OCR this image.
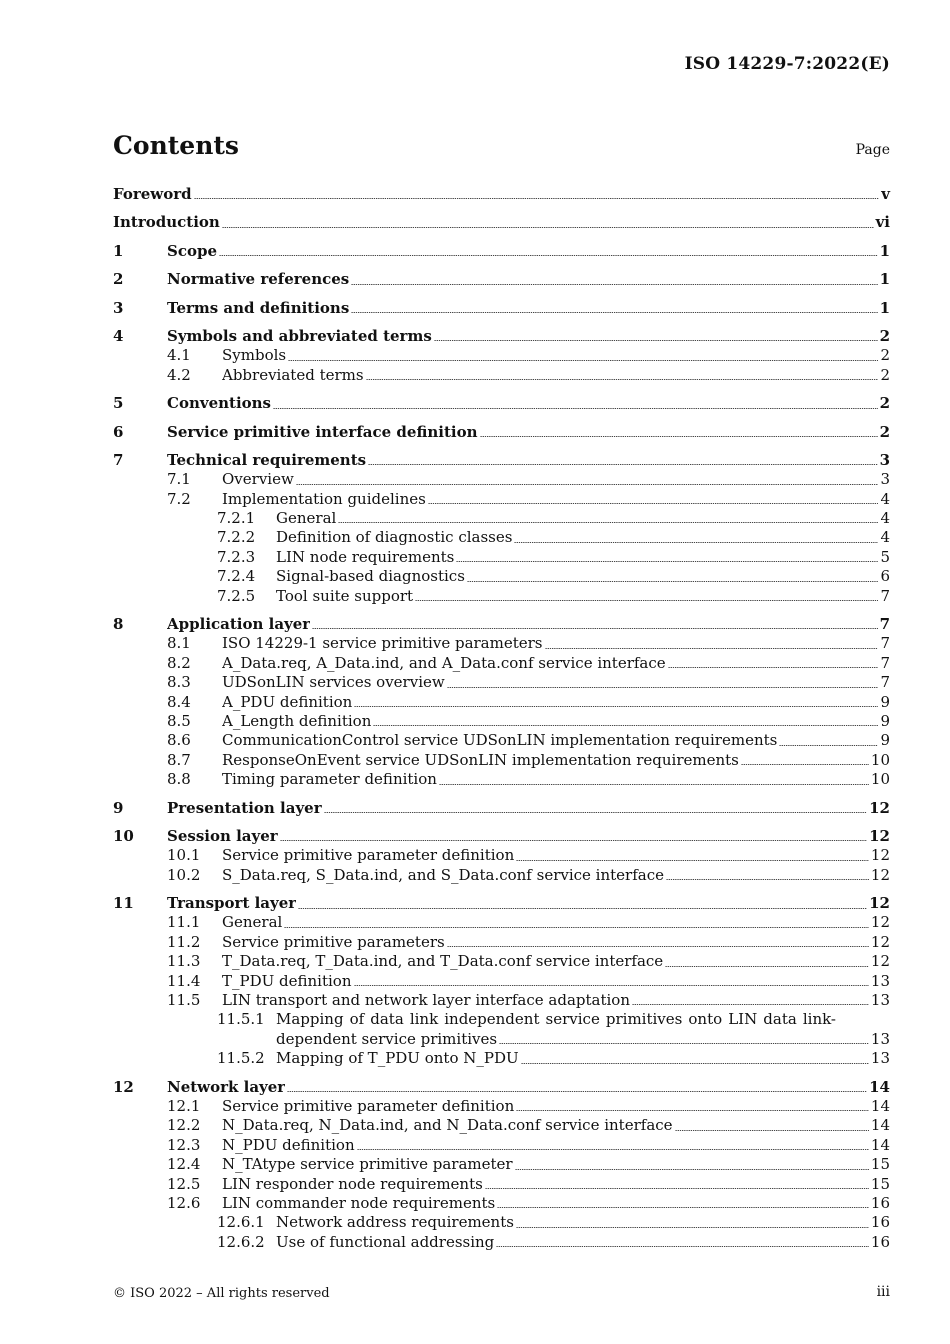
ISO 14229-7:2022(E)
Contents	Page
Foreword	v
Introduction	vi
1	Scope	1
2	Normative references	1
3	Terms and definitions	1
4	Symbols and abbreviated terms	2
4.1	Symbols	2
4.2	Abbreviated terms	2
5	Conventions	2
6	Service primitive interface definition	2
7	Technical requirements	3
7.1	Overview	3
7.2	Implementation guidelines	4
7.2.1	General	4
7.2.2	Definition of diagnostic classes	4
7.2.3	LIN node requirements	5
7.2.4	Signal-based diagnostics	6
7.2.5	Tool suite support	7
8	Application layer	7
8.1	ISO 14229-1 service primitive parameters	7
8.2	A_Data.req, A_Data.ind, and A_Data.conf service interface	7
8.3	UDSonLIN services overview	7
8.4	A_PDU definition	9
8.5	A_Length definition	9
8.6	CommunicationControl service UDSonLIN implementation requirements	9
8.7	ResponseOnEvent service UDSonLIN implementation requirements	10
8.8	Timing parameter definition	10
9	Presentation layer	12
10	Session layer	12
10.1	Service primitive parameter definition	12
10.2	S_Data.req, S_Data.ind, and S_Data.conf service interface	12
11	Transport layer	12
11.1	General	12
11.2	Service primitive parameters	12
11.3	T_Data.req, T_Data.ind, and T_Data.conf service interface	12
11.4	T_PDU definition	13
11.5	LIN transport and network layer interface adaptation	13
11.5.1 Mapping of data link independent service primitives onto LIN data link-
dependent service primitives	13
11.5.2 Mapping of T_PDU onto N_PDU	13
12	Network layer	14
12.1	Service primitive parameter definition	14
12.2	N_Data.req, N_Data.ind, and N_Data.conf service interface	14
12.3	N_PDU definition	14
12.4	N_TAtype service primitive parameter	15
12.5	LIN responder node requirements	15
12.6	LIN commander node requirements	16
12.6.1 Network address requirements	16
12.6.2 Use of functional addressing	16
© ISO 2022 – All rights reserved	iii
